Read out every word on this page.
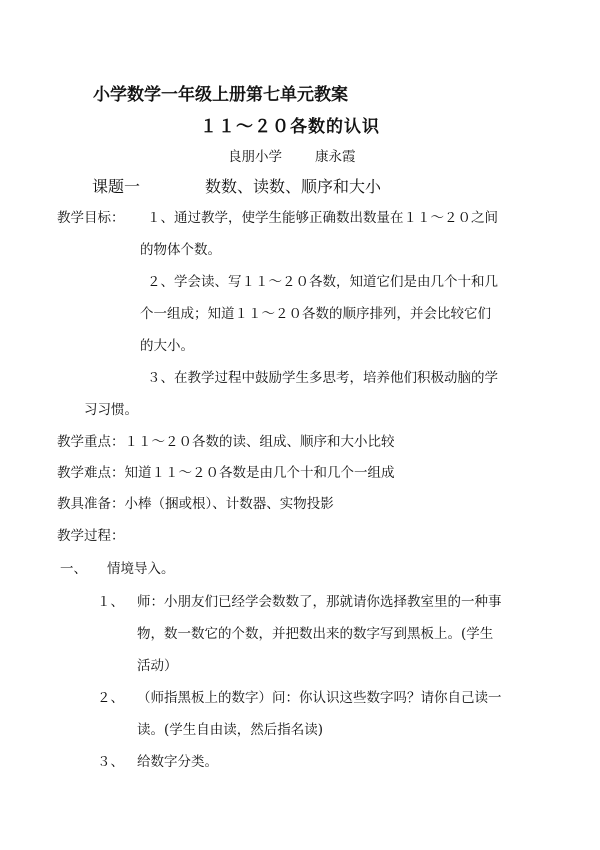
小学数学一年级上册第七单元教案
１１～２０各数的认识
良朋小学 康永霞
课题一	数数、读数、顺序和大小
教学目标： １、通过教学，使学生能够正确数出数量在１１～２０之间
的物体个数。
２、学会读、写１１～２０各数，知道它们是由几个十和几
个一组成；知道１１～２０各数的顺序排列，并会比较它们
的大小。
３、在教学过程中鼓励学生多思考，培养他们积极动脑的学
习习惯。
教学重点：１１～２０各数的读、组成、顺序和大小比较
教学难点：知道１１～２０各数是由几个十和几个一组成
教具准备：小棒（捆或根）、计数器、实物投影
教学过程：
一、 情境导入。
１、 师：小朋友们已经学会数数了，那就请你选择教室里的一种事
物，数一数它的个数，并把数出来的数字写到黑板上。(学生
活动）
２、 （师指黑板上的数字）问：你认识这些数字吗？请你自己读一
读。(学生自由读，然后指名读)
３、 给数字分类。
